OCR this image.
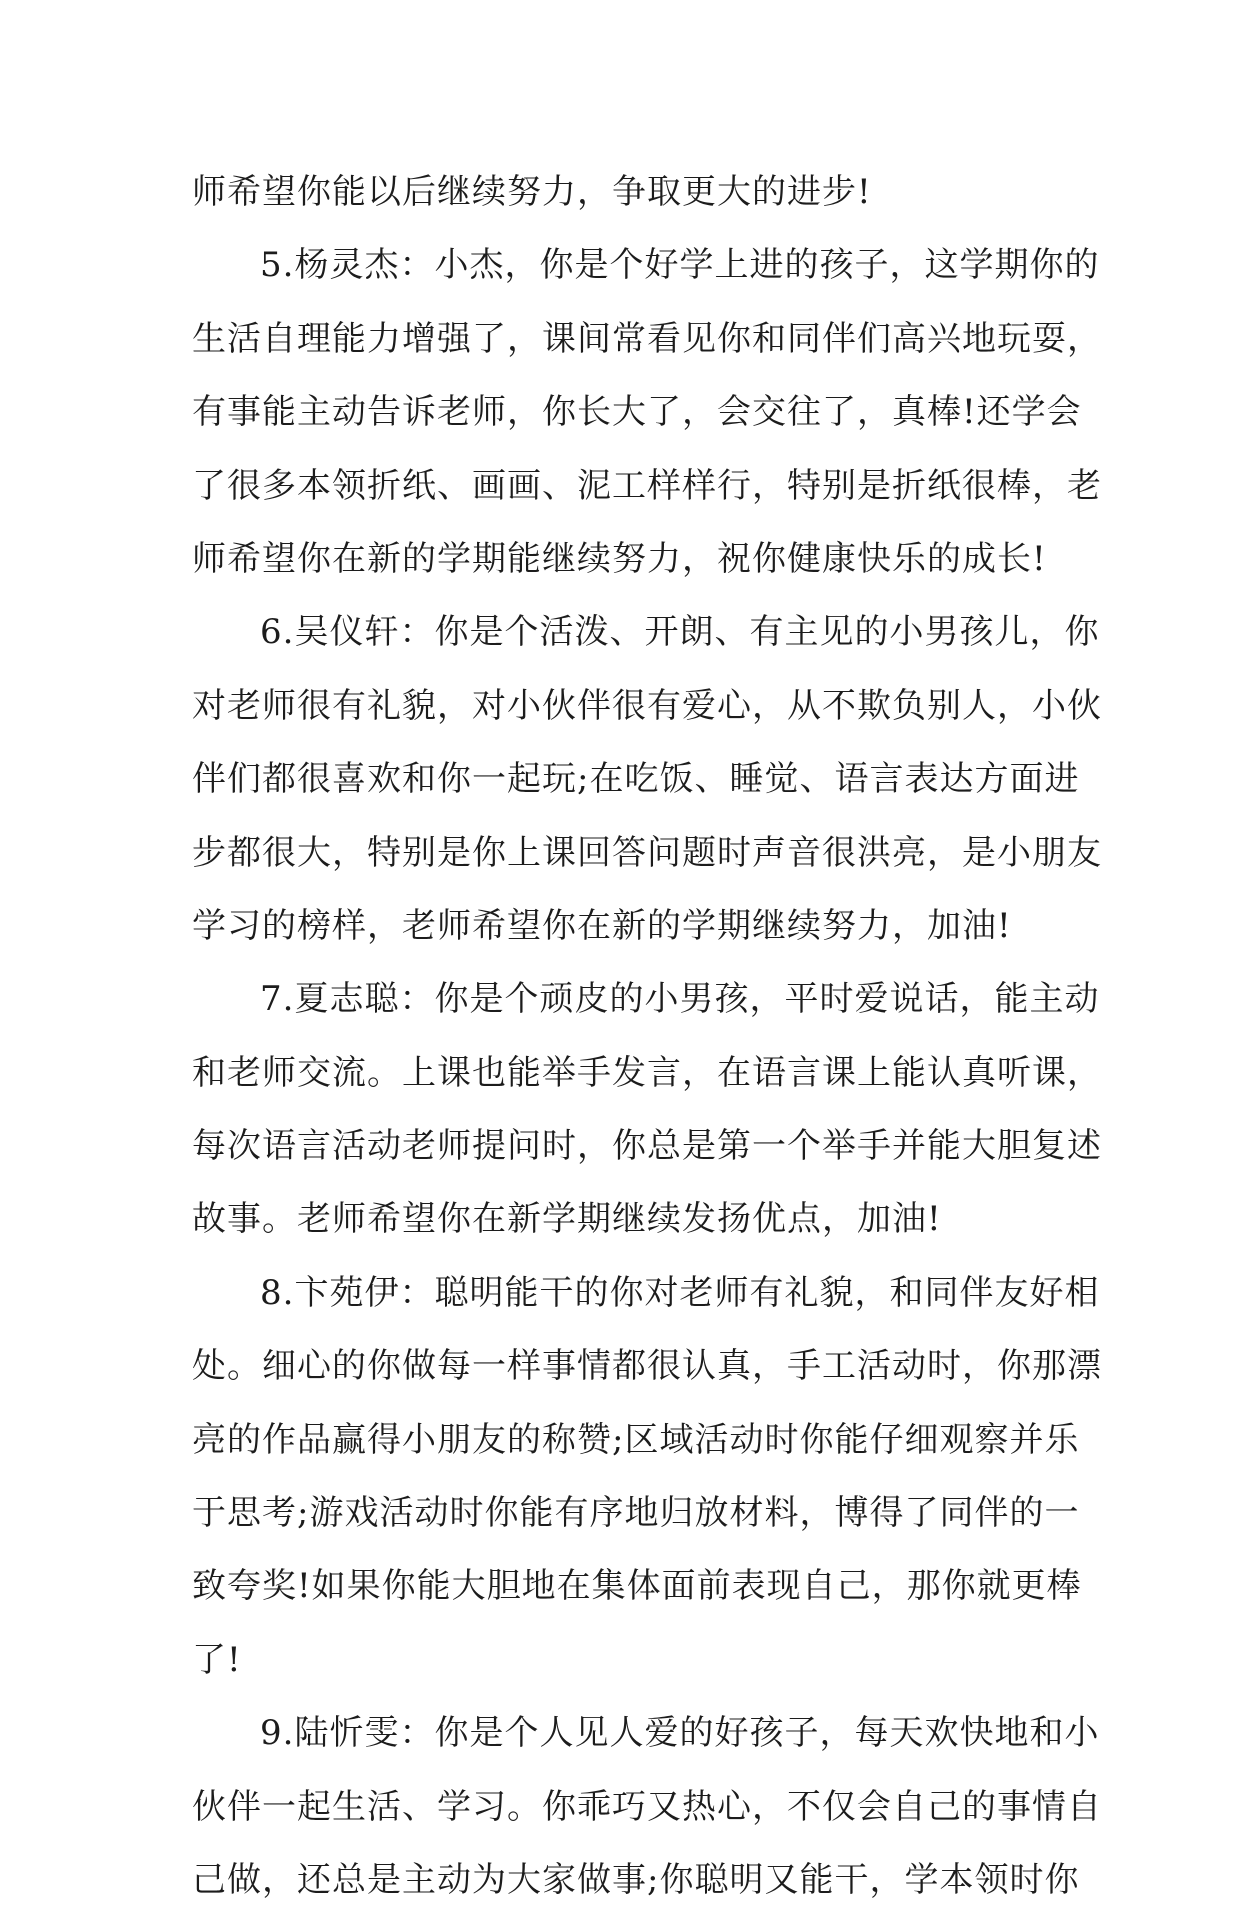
师希望你能以后继续努力，争取更大的进步!
5.杨灵杰：小杰，你是个好学上进的孩子，这学期你的
生活自理能力增强了，课间常看见你和同伴们高兴地玩耍，
有事能主动告诉老师，你长大了，会交往了，真棒!还学会
了很多本领折纸、画画、泥工样样行，特别是折纸很棒，老
师希望你在新的学期能继续努力，祝你健康快乐的成长!
6.吴仪轩：你是个活泼、开朗、有主见的小男孩儿，你
对老师很有礼貌，对小伙伴很有爱心，从不欺负别人，小伙
伴们都很喜欢和你一起玩;在吃饭、睡觉、语言表达方面进
步都很大，特别是你上课回答问题时声音很洪亮，是小朋友
学习的榜样，老师希望你在新的学期继续努力，加油!
7.夏志聪：你是个顽皮的小男孩，平时爱说话，能主动
和老师交流。上课也能举手发言，在语言课上能认真听课，
每次语言活动老师提问时，你总是第一个举手并能大胆复述
故事。老师希望你在新学期继续发扬优点，加油!
8.卞苑伊：聪明能干的你对老师有礼貌，和同伴友好相
处。细心的你做每一样事情都很认真，手工活动时，你那漂
亮的作品赢得小朋友的称赞;区域活动时你能仔细观察并乐
于思考;游戏活动时你能有序地归放材料，博得了同伴的一
致夸奖!如果你能大胆地在集体面前表现自己，那你就更棒
了!
9.陆忻雯：你是个人见人爱的好孩子，每天欢快地和小
伙伴一起生活、学习。你乖巧又热心，不仅会自己的事情自
己做，还总是主动为大家做事;你聪明又能干，学本领时你
